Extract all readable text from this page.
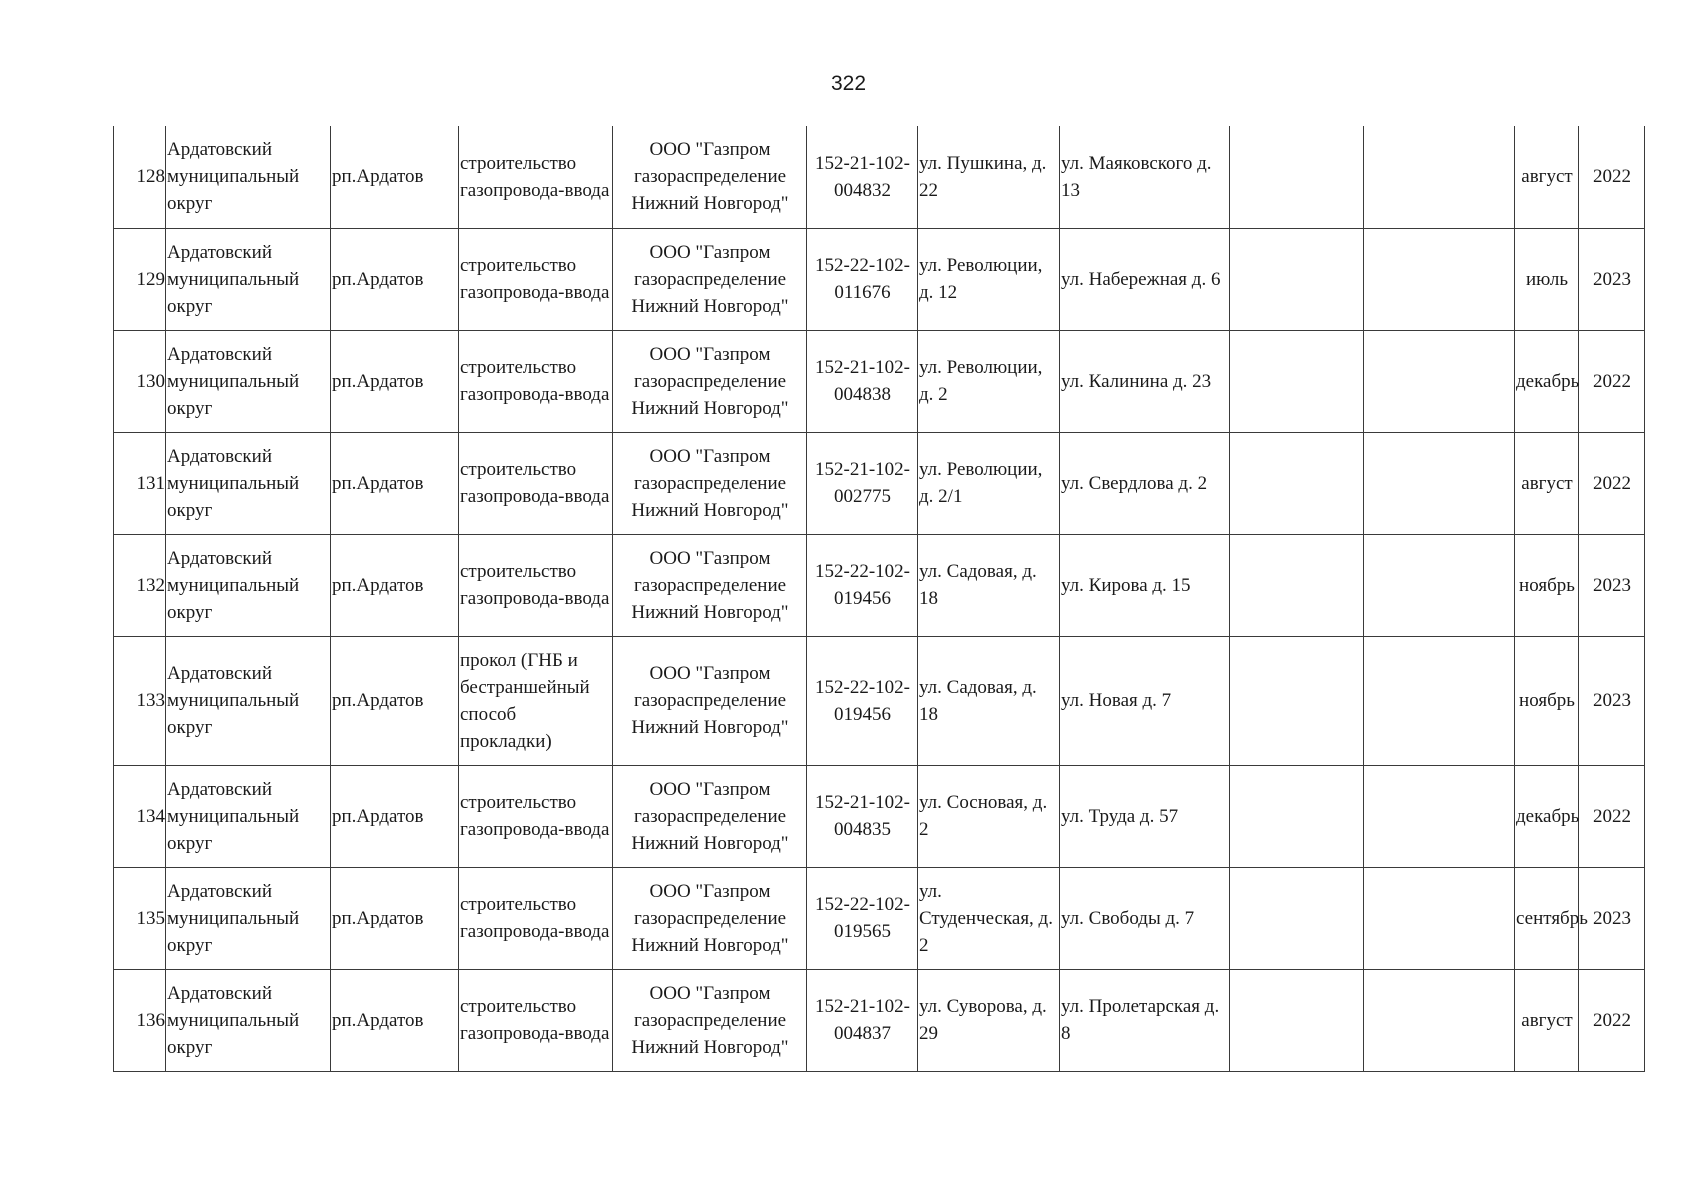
322
128	Ардатовский муниципальный округ	рп.Ардатов	строительство газопровода-ввода	ООО "Газпром газораспределение Нижний Новгород"	152-21-102-004832	ул. Пушкина, д. 22	ул. Маяковского д. 13			август	2022
129	Ардатовский муниципальный округ	рп.Ардатов	строительство газопровода-ввода	ООО "Газпром газораспределение Нижний Новгород"	152-22-102-011676	ул. Революции, д. 12	ул. Набережная д. 6			июль	2023
130	Ардатовский муниципальный округ	рп.Ардатов	строительство газопровода-ввода	ООО "Газпром газораспределение Нижний Новгород"	152-21-102-004838	ул. Революции, д. 2	ул. Калинина д. 23			декабрь	2022
131	Ардатовский муниципальный округ	рп.Ардатов	строительство газопровода-ввода	ООО "Газпром газораспределение Нижний Новгород"	152-21-102-002775	ул. Революции, д. 2/1	ул. Свердлова д. 2			август	2022
132	Ардатовский муниципальный округ	рп.Ардатов	строительство газопровода-ввода	ООО "Газпром газораспределение Нижний Новгород"	152-22-102-019456	ул. Садовая, д. 18	ул. Кирова д. 15			ноябрь	2023
133	Ардатовский муниципальный округ	рп.Ардатов	прокол (ГНБ и бестраншейный способ прокладки)	ООО "Газпром газораспределение Нижний Новгород"	152-22-102-019456	ул. Садовая, д. 18	ул. Новая д. 7			ноябрь	2023
134	Ардатовский муниципальный округ	рп.Ардатов	строительство газопровода-ввода	ООО "Газпром газораспределение Нижний Новгород"	152-21-102-004835	ул. Сосновая, д. 2	ул. Труда д. 57			декабрь	2022
135	Ардатовский муниципальный округ	рп.Ардатов	строительство газопровода-ввода	ООО "Газпром газораспределение Нижний Новгород"	152-22-102-019565	ул. Студенческая, д. 2	ул. Свободы д. 7			сентябрь	2023
136	Ардатовский муниципальный округ	рп.Ардатов	строительство газопровода-ввода	ООО "Газпром газораспределение Нижний Новгород"	152-21-102-004837	ул. Суворова, д. 29	ул. Пролетарская д. 8			август	2022
